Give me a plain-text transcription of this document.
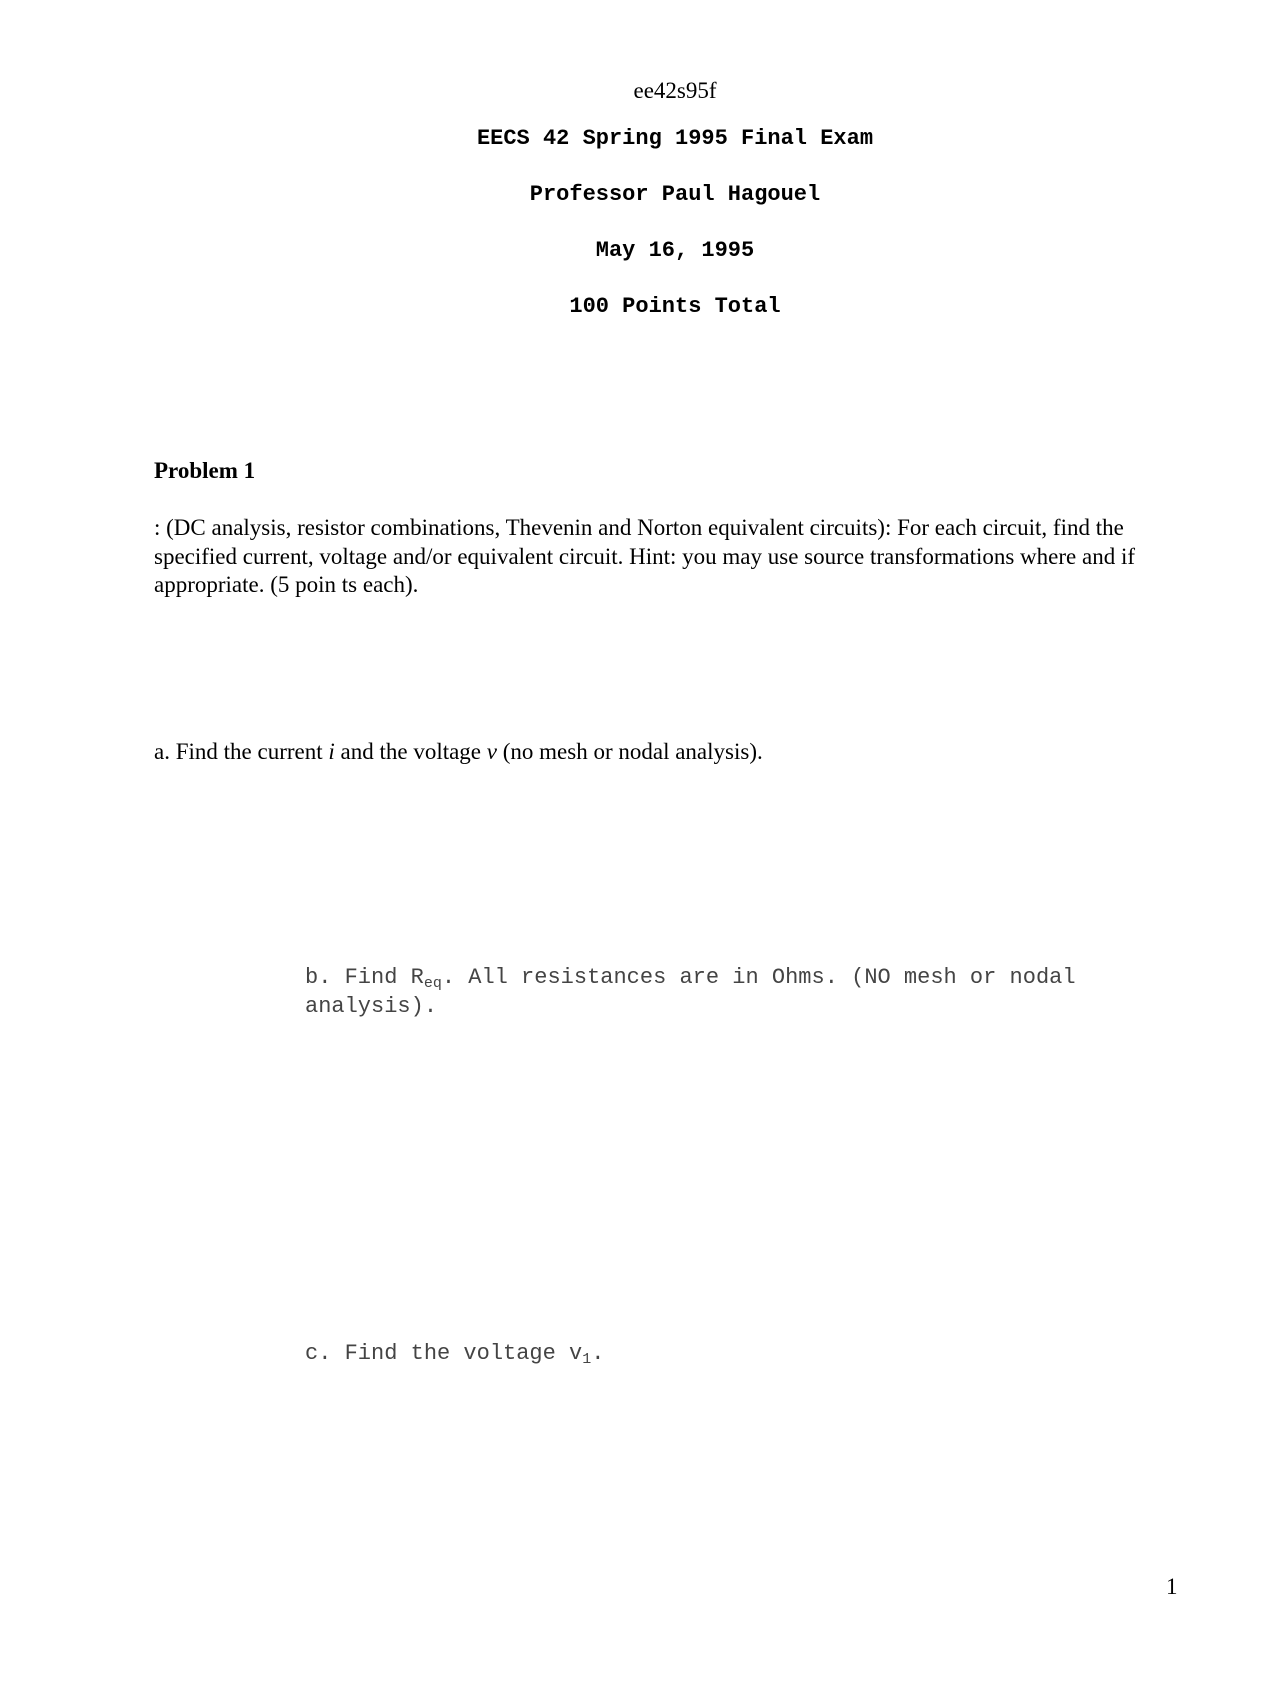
ee42s95f
EECS 42 Spring 1995 Final Exam
Professor Paul Hagouel
May 16, 1995
100 Points Total
Problem 1

: (DC analysis, resistor combinations, Thevenin and Norton equivalent circuits): For each circuit, find the specified current, voltage and/or equivalent circuit. Hint: you may use source transformations where and if appropriate. (5 poin ts each).

a. Find the current i and the voltage v (no mesh or nodal analysis).

b. Find $R_{eq}$. All resistances are in Ohms. (NO mesh or nodal analysis).

c. Find the voltage $v_1$.

1
